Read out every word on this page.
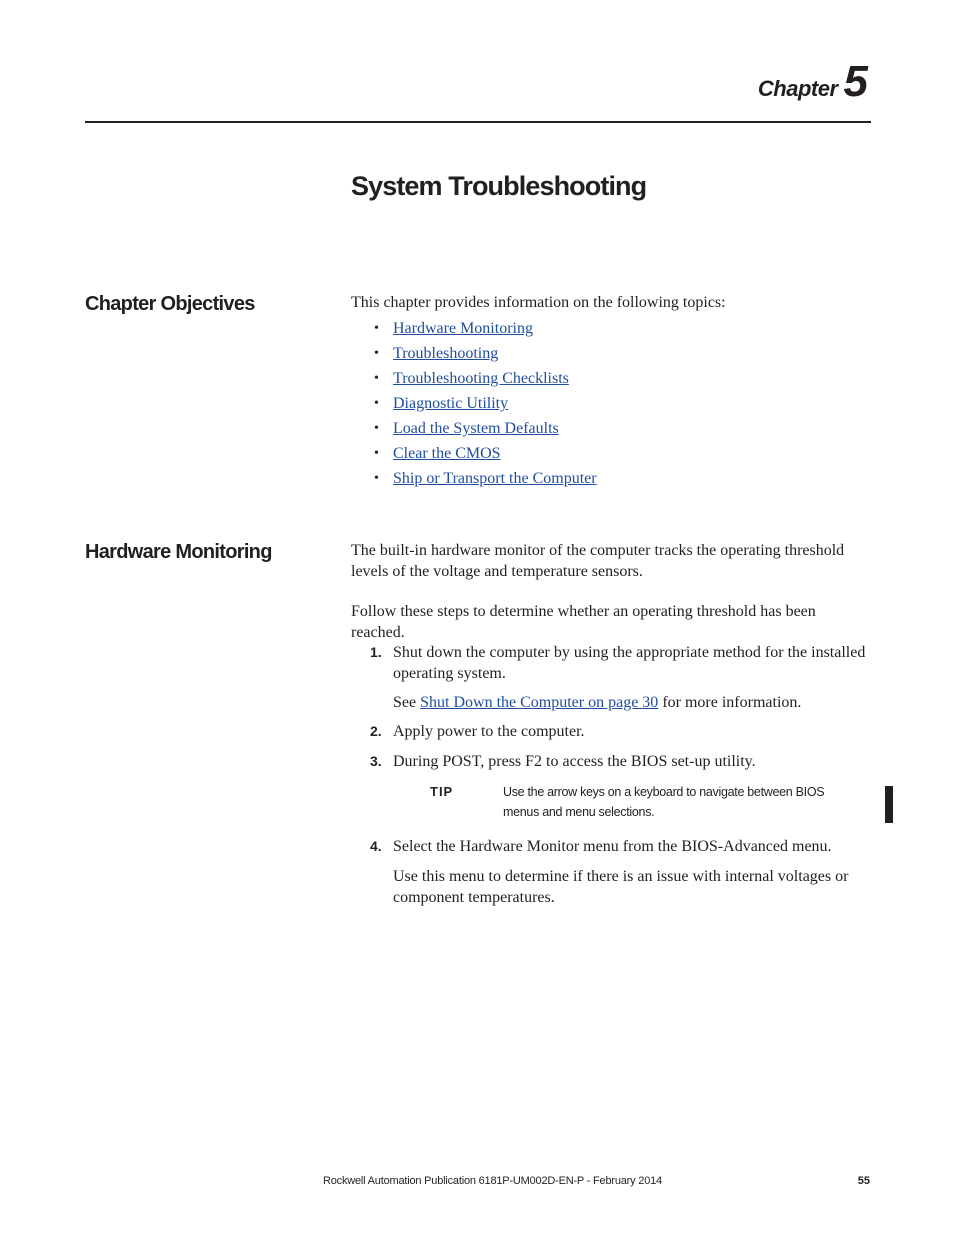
Chapter 5
System Troubleshooting
Chapter Objectives	This chapter provides information on the following topics:

• Hardware Monitoring
• Troubleshooting
• Troubleshooting Checklists
• Diagnostic Utility
• Load the System Defaults
• Clear the CMOS
• Ship or Transport the Computer
Hardware Monitoring	The built-in hardware monitor of the computer tracks the operating threshold levels of the voltage and temperature sensors.

Follow these steps to determine whether an operating threshold has been reached.

1. Shut down the computer by using the appropriate method for the installed operating system.
See Shut Down the Computer on page 30 for more information.
2. Apply power to the computer.
3. During POST, press F2 to access the BIOS set-up utility.
TIP	Use the arrow keys on a keyboard to navigate between BIOS menus and menu selections.
4. Select the Hardware Monitor menu from the BIOS-Advanced menu.
Use this menu to determine if there is an issue with internal voltages or component temperatures.
Rockwell Automation Publication 6181P-UM002D-EN-P - February 2014	55
